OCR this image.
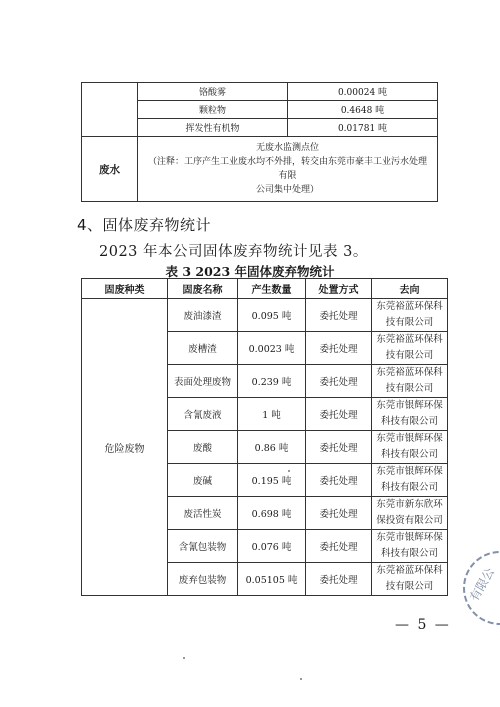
	铬酸雾	0.00024 吨
	颗粒物	0.4648 吨
	挥发性有机物	0.01781 吨
废水	无废水监测点位
（注释：工序产生工业废水均不外排，转交由东莞市豪丰工业污水处理有限
公司集中处理）	
4、固体废弃物统计
2023 年本公司固体废弃物统计见表 3。
表 3 2023 年固体废弃物统计
固废种类	固废名称	产生数量	处置方式	去向
危险废物	废油漆渣	0.095 吨	委托处理	东莞裕蓝环保科
技有限公司

	废槽渣	0.0023 吨	委托处理	东莞裕蓝环保科
技有限公司

	表面处理废物	0.239 吨	委托处理	东莞裕蓝环保科
技有限公司

	含氰废液	1 吨	委托处理	东莞市银辉环保
科技有限公司

	废酸	0.86 吨	委托处理	东莞市银辉环保
科技有限公司

	废碱	0.195 吨	委托处理	东莞市银辉环保
科技有限公司

	废活性炭	0.698 吨	委托处理	东莞市新东欣环
保投资有限公司

	含氰包装物	0.076 吨	委托处理	东莞市银辉环保
科技有限公司

	废弃包装物	0.05105 吨	委托处理	东莞裕蓝环保科
技有限公司
— 5 —
有限公
